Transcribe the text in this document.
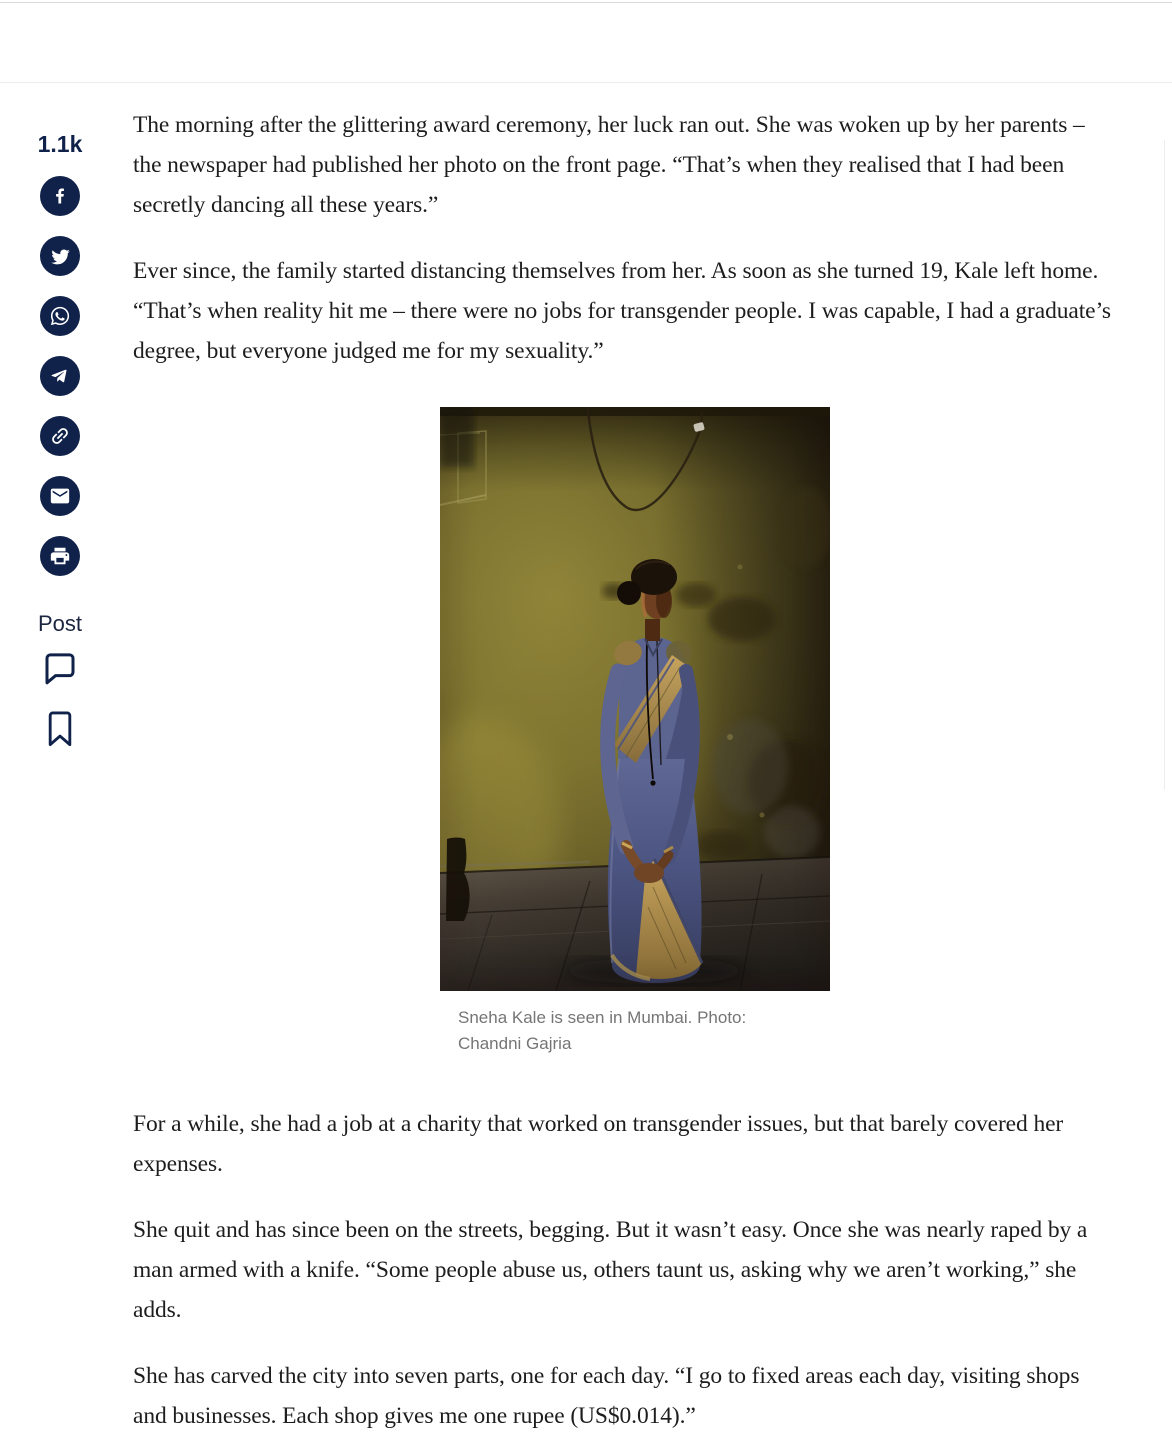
1.1k
Post

The morning after the glittering award ceremony, her luck ran out. She was woken up by her parents – the newspaper had published her photo on the front page. “That’s when they realised that I had been secretly dancing all these years.”

Ever since, the family started distancing themselves from her. As soon as she turned 19, Kale left home. “That’s when reality hit me – there were no jobs for transgender people. I was capable, I had a graduate’s degree, but everyone judged me for my sexuality.”

Sneha Kale is seen in Mumbai. Photo: Chandni Gajria

For a while, she had a job at a charity that worked on transgender issues, but that barely covered her expenses.

She quit and has since been on the streets, begging. But it wasn’t easy. Once she was nearly raped by a man armed with a knife. “Some people abuse us, others taunt us, asking why we aren’t working,” she adds.

She has carved the city into seven parts, one for each day. “I go to fixed areas each day, visiting shops and businesses. Each shop gives me one rupee (US$0.014).”
